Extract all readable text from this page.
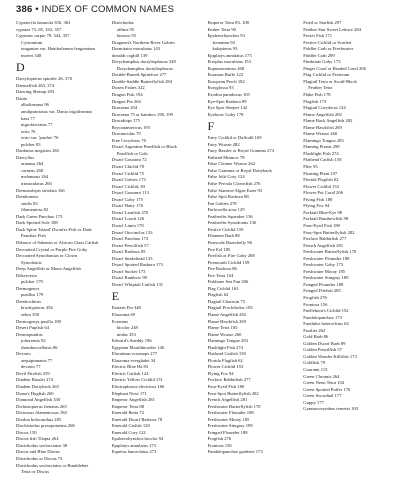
386 • INDEX OF COMMON NAMES
Cypraecila lamarcki 356, 363
cypraea 75–85, 163, 357
Cyprinus carpio 78, 344, 357
Cyrtomium
reaganiae var. Hainhofenum fengianium
moreri 348
D
Dactylopterus spinifer 26, 378
Damselfish 263, 374
Dancing Shrimp 293
Danio
albolineatus 96
anulipunctatus var. Danio trigolineatus
haas 77
nigrofasciatus 77
rerio 76
rerio var. 'pardus' 76
pulcher 83
Dardanus megistos 265
Dascyllus
aruanus 264
carneus 268
melanurus 264
trimaculatus 260
Dermatolepis striolata 166
Dendronota
sinilis 83
filamentosa 82
Dark Green Panchax 173
Dark Spotted Sole 188
Dark Spine 'Island' Dwarfer Fish or Dark
Panchax Fish
Debrace of Sabaean or African Glass Catfish
Decorated Crystal or Purple Fire Goby
Decorated Synodontias or Clown
Synodontis
Deep Angelfish or Mono Angelfish
Dekeyseria
pulcher 179
Dermogenys
pusillus 179
Dendrochirus
brachypterus 356
zebra 358
Dermogenys pusilla 180
Desert Pupfish 64
Desmopuntius
johorensis 92
rhomboocellatus 86
Devario
aequipinnatus 77
devario 77
Devil Firefish 359
Diadem Basslet 274
Diadem Dottyback 265
Diana's Hogfish 260
Diamond Angelfish 330
Dichistopterus frenatus 265
Dicrossus filamentosus 184
Diodon holocanthus 285
Dischistodus prosopotaenia 268
Discus 150
Discus fish Tilapia 264
Distichodus sexfasciatus 38
Discus and Blue Discus
Distichodus or Discus 73
Distichodus sexfasciatus or Bumblebee
Tetra or Discus
Distichodus
affinis 95
lusosso 95
Dragonet's Northern River Gobies
Dormitator maculatus 143
donaldi cogbill 139
Doryrhamphus dactyliophorus 349
Doryrhamphus dactyliophorus
Double-Barred Spinefoot 277
Double-Saddle Butterflyfish 284
Dozen Fishes 322
Dragon Fish 194
Dragon Fin 264
Dracaena 204
Dracaena 75 or bamboo 198, 199
Dracidiops 175
Bryconamericus 195
Dracunculus 79
Fine Corydoras 76
Dwarf Argentine Pearlfish or Black
Pearlfish or Grib
Dwarf Gourami 72
Dwarf Chiclid 78
Dwarf Cichlid 75
Dwarf Gobies 173
Dwarf Cichlid, 83
Dwarf Gourami 113
Dwarf Goby 175
Dwarf Hairy 176
Dwarf Lionfish 370
Dwarf Loach 126
Dwarf Limia 178
Dwarf Otocinclus 133
Dwarf Panchax 173
Dwarf Pencilfish 57
Dwarf Rasbora 85
Dwarf Snakehead 133
Dwarf Spotted Rasbora 173
Dwarf Sucker 173
Dwarf Rainbow 99
Dwarf Whiptail Catfish 131
E
Eastern Fin 348
Elassoma 69
Ecsenius
bicolor 248
midas 353
Edward's Sneddy 196
Egyptian Mouthbrooder 146
Elacatinus oceanops 277
Elassoma evergladei 34
Electric Blue Ha 83
Electric Catfish 124
Electric Yellow Cichlid 151
Electrophorus electricus 160
Elephant Nose 171
Emperor Angelfish 281
Emperor Tetra 88
Emerald Betta 72
Emerald Dwarf Rasbora 78
Emerald Catfish 120
Emerald Cory 122
Epalzeorhynchos bicolor 94
Epiplatys annulatus 173
Equetus lanceolatus 273
Emperor Tetra 83, 108
Ember Tetra 90
Epalzeorhynchos 93
frenatum 94
kalopterus 93
Epiplatys annulatus 173
Etroplus maculatus 153
Eupomacentrus 268
Eurasian Ruffe 122
European Perch 182
Euryglossa 93
Exodon paradoxus 105
Eye-Spot Rasbora 89
Eye Spot Sleeper 142
Eyebrow Goby 178
F
Fairy Cichlid or Daffodil 169
Fairy Wrasse 282
Fairy Basslet or Royal Gramma 274
Fathead Minnow 78
False Cleaner Wrasse 262
False Gramma or Royal Dottyback
False Julii Cory 124
False Percula Clownfish 276
False Siamese Algae Eater 93
False Spot Rasbora 88
Fan Gobies 278
Farlowella acus 129
Featherfin Squeaker 136
Featherfin Synodontis 136
Festive Cichlid 159
Filament Barb 88
Finescale Razorbelly 96
Fire Eel 185
Firefish or Fire Goby 268
Firemouth Cichlid 159
Fire Rasbora 86
Fire Tetra 104
Fishbone Sea Fan 206
Flag Cichlid 163
Flagfish 62
Flagtail Characin 75
Flagtail Prochilodus 105
Flame Angelfish 282
Flame Hawkfish 269
Flame Tetra 105
Flame Wrasse 260
Flamingo Tongue 283
Flashlight Fish 274
Flathead Catfish 158
Florida Flagfish 62
Flower Cichlid 153
Flying Fox 94
Foxface Rabbitfish 277
Four-Eyed Fish 180
Four-Spot Butterflyfish 282
French Angelfish 281
Freshwater Butterflyfish 170
Freshwater Flounder 188
Freshwater Moray 185
Freshwater Stingray 189
Fringed Flounder 188
Frogfish 276
Frontosa 156
Fundulopanchax gardneri 173
Fried or Starfish 297
Feather Star Sweet Lettuce 284
Fevier Fish 171
Festive Cichlid or Scarlett
Fiddler Crab or Freshwater
Fiddler Crab 299
Fimbriate Goby 173
Finger Coral or Beaded Coral 206
Flag Cichlid or Festivum
Flagtail Tetra or Swalf-Black
Feather Tetra
Flake Fish 178
Flagfish 173
Flagtail Corydoras 124
Flame Angelfish 282
Flame Back Angelfish 282
Flame Hawkfish 269
Flame Wrasse 260
Flamingo Tongue 283
Flaming Prawn 298
Flashlight Fish 274
Flathead Catfish 158
Flier 95
Floating Plant 197
Florida Flagfish 62
Flower Cichlid 153
Flower Pot Coral 206
Flying Fish 180
Flying Fox 94
Forktail Blue-Eye 98
Forktail Rainbowfish 98
Four-Eyed Fish 180
Four-Spot Butterflyfish 282
Foxface Rabbitfish 277
French Angelfish 281
Freshwater Butterflyfish 170
Freshwater Flounder 188
Freshwater Goby 173
Freshwater Moray 185
Freshwater Stingray 189
Fringed Flounder 188
Fringed Filefish 285
Frogfish 276
Frontosa 156
Fuelleborn's Cichlid 152
Fundulopanchax 173
Fundulus heteroclitus 64
Fusilier 262
Gold Barb 86
Golden Dwarf Barb 89
Golden Pencilfish 57
Golden Wonder Killifish 173
Goldfish 79
Gourami 113
Green Chromis 264
Green Neon Tetra 104
Green Spotted Puffer 176
Green Swordtail 177
Guppy 177
Gymnocorymbus ternetzi 103
